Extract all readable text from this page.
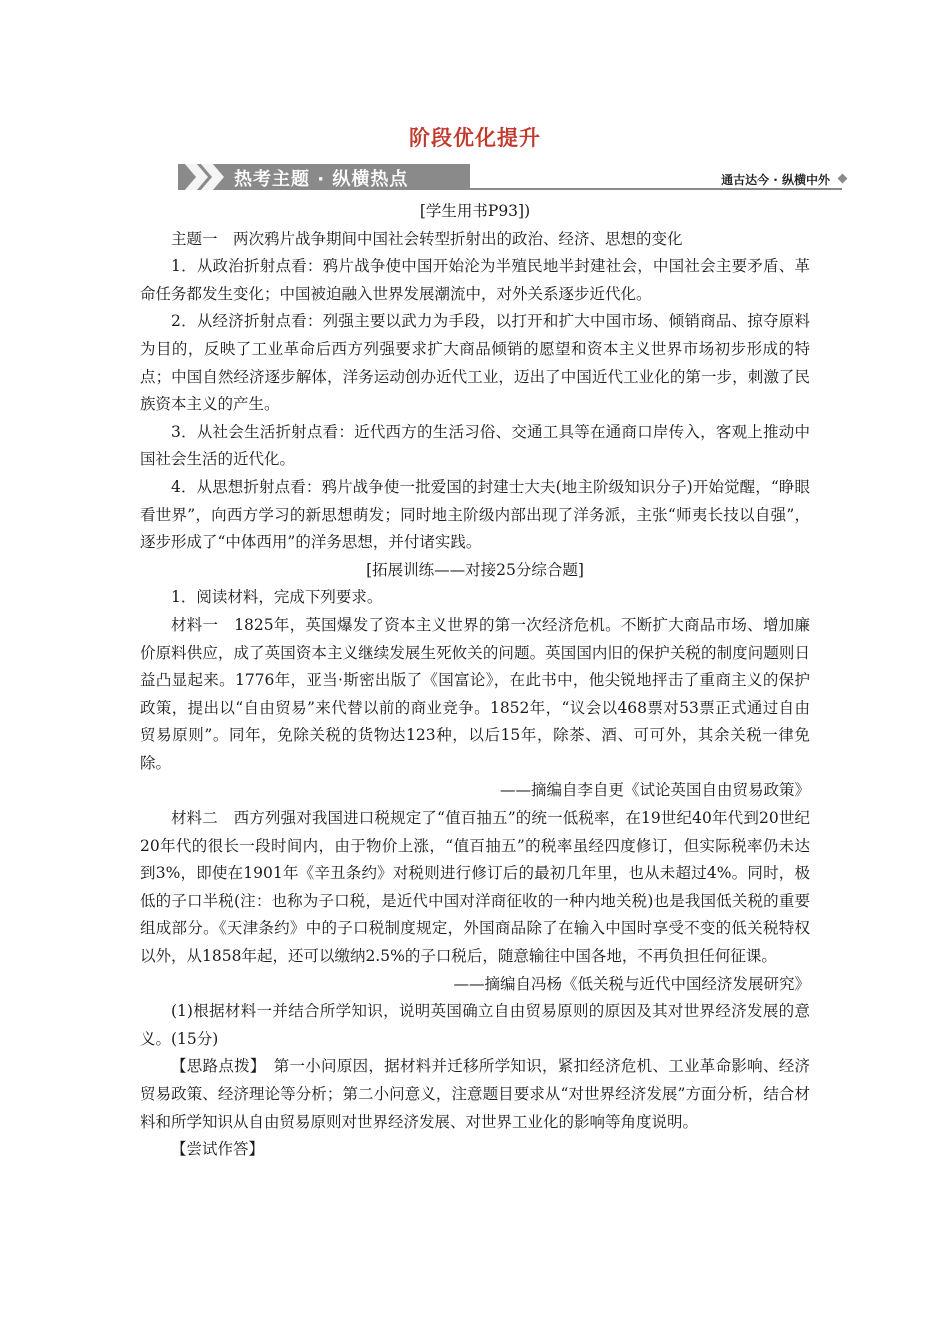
阶段优化提升
热考主题 · 纵横热点	通古达今 · 纵横中外

[学生用书P93])

主题一　两次鸦片战争期间中国社会转型折射出的政治、经济、思想的变化

1．从政治折射点看：鸦片战争使中国开始沦为半殖民地半封建社会，中国社会主要矛盾、革命任务都发生变化；中国被迫融入世界发展潮流中，对外关系逐步近代化。

2．从经济折射点看：列强主要以武力为手段，以打开和扩大中国市场、倾销商品、掠夺原料为目的，反映了工业革命后西方列强要求扩大商品倾销的愿望和资本主义世界市场初步形成的特点；中国自然经济逐步解体，洋务运动创办近代工业，迈出了中国近代工业化的第一步，刺激了民族资本主义的产生。

3．从社会生活折射点看：近代西方的生活习俗、交通工具等在通商口岸传入，客观上推动中国社会生活的近代化。

4．从思想折射点看：鸦片战争使一批爱国的封建士大夫(地主阶级知识分子)开始觉醒，“睁眼看世界”，向西方学习的新思想萌发；同时地主阶级内部出现了洋务派，主张“师夷长技以自强”，逐步形成了“中体西用”的洋务思想，并付诸实践。

[拓展训练——对接25分综合题]

1．阅读材料，完成下列要求。

材料一　1825年，英国爆发了资本主义世界的第一次经济危机。不断扩大商品市场、增加廉价原料供应，成了英国资本主义继续发展生死攸关的问题。英国国内旧的保护关税的制度问题则日益凸显起来。1776年，亚当·斯密出版了《国富论》，在此书中，他尖锐地抨击了重商主义的保护政策，提出以“自由贸易”来代替以前的商业竞争。1852年，“议会以468票对53票正式通过自由贸易原则”。同年，免除关税的货物达123种，以后15年，除茶、酒、可可外，其余关税一律免除。

——摘编自李自更《试论英国自由贸易政策》

材料二　西方列强对我国进口税规定了“值百抽五”的统一低税率，在19世纪40年代到20世纪20年代的很长一段时间内，由于物价上涨，“值百抽五”的税率虽经四度修订，但实际税率仍未达到3%，即使在1901年《辛丑条约》对税则进行修订后的最初几年里，也从未超过4%。同时，极低的子口半税(注：也称为子口税，是近代中国对洋商征收的一种内地关税)也是我国低关税的重要组成部分。《天津条约》中的子口税制度规定，外国商品除了在输入中国时享受不变的低关税特权以外，从1858年起，还可以缴纳2.5%的子口税后，随意输往中国各地，不再负担任何征课。

——摘编自冯杨《低关税与近代中国经济发展研究》

(1)根据材料一并结合所学知识，说明英国确立自由贸易原则的原因及其对世界经济发展的意义。(15分)

【思路点拨】　第一小问原因，据材料并迁移所学知识，紧扣经济危机、工业革命影响、经济贸易政策、经济理论等分析；第二小问意义，注意题目要求从“对世界经济发展”方面分析，结合材料和所学知识从自由贸易原则对世界经济发展、对世界工业化的影响等角度说明。

【尝试作答】
